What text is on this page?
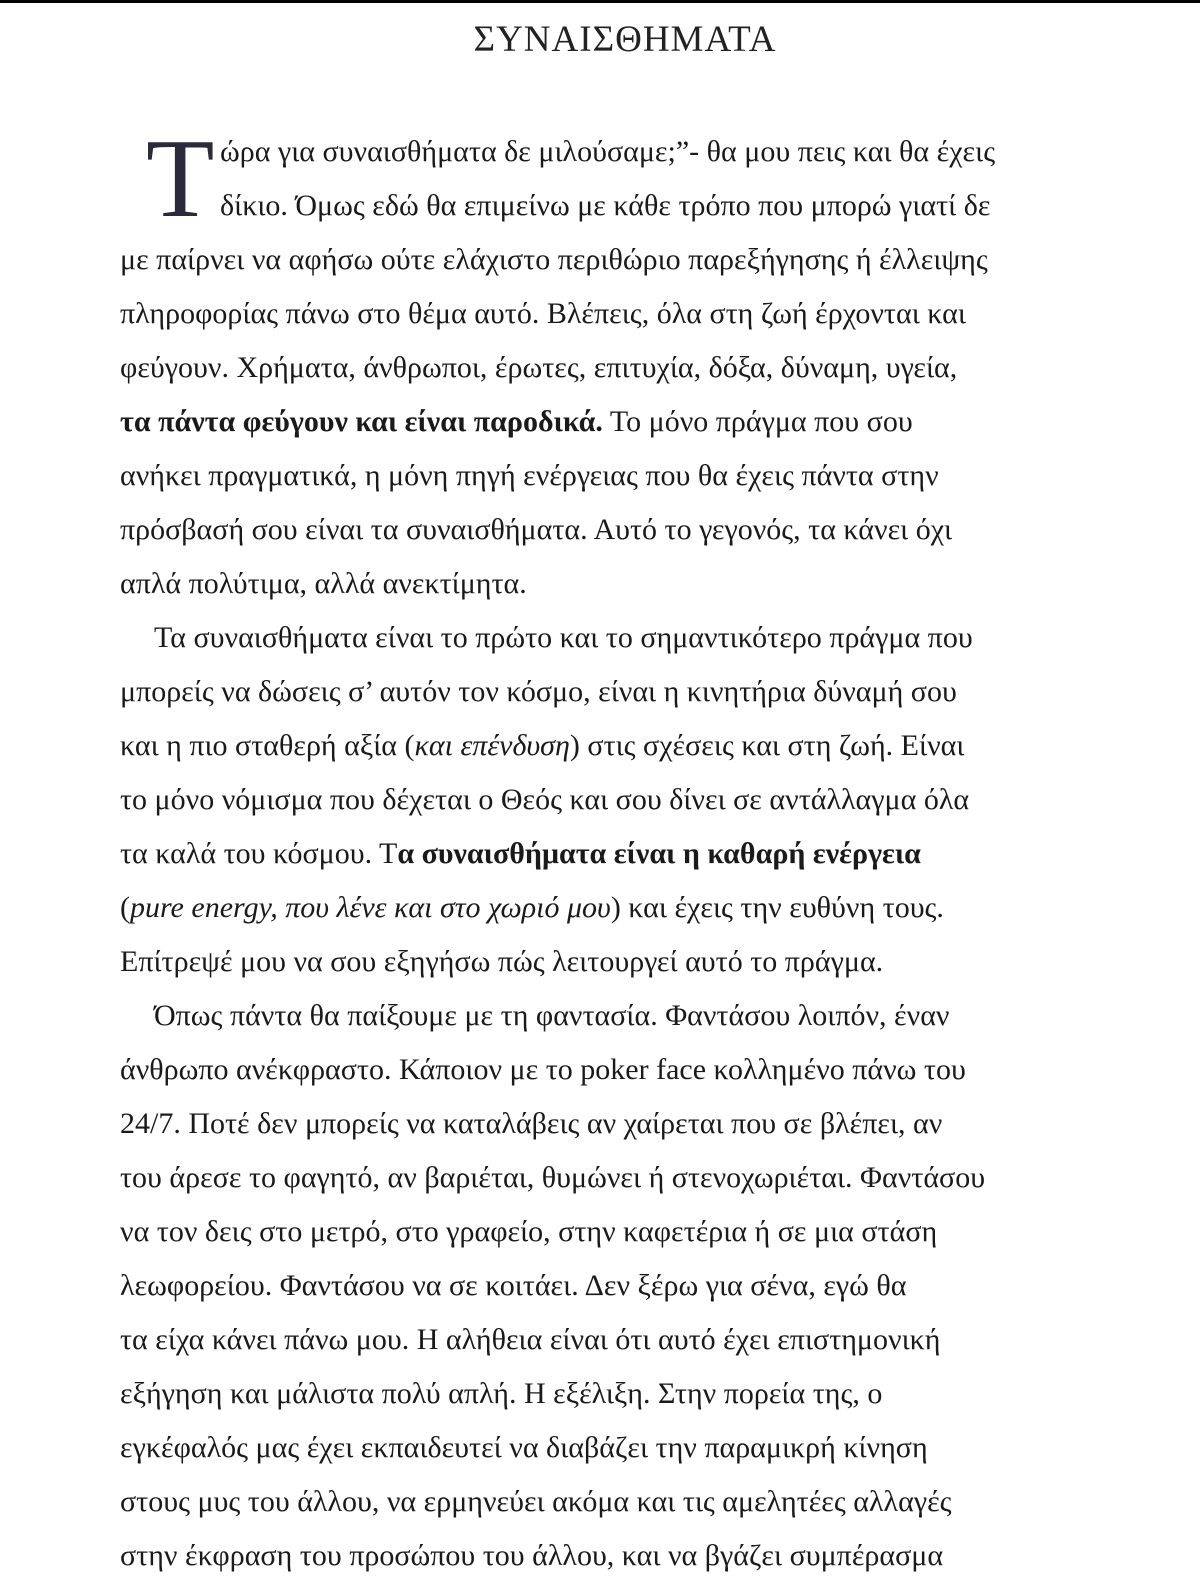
ΣΥΝΑΙΣΘΗΜΑΤΑ
Τ ώρα για συναισθήματα δε μιλούσαμε;”- θα μου πεις και θα έχεις
δίκιο. Όμως εδώ θα επιμείνω με κάθε τρόπο που μπορώ γιατί δε
με παίρνει να αφήσω ούτε ελάχιστο περιθώριο παρεξήγησης ή έλλειψης
πληροφορίας πάνω στο θέμα αυτό. Βλέπεις, όλα στη ζωή έρχονται και
φεύγουν. Χρήματα, άνθρωποι, έρωτες, επιτυχία, δόξα, δύναμη, υγεία,
τα πάντα φεύγουν και είναι παροδικά. Το μόνο πράγμα που σου
ανήκει πραγματικά, η μόνη πηγή ενέργειας που θα έχεις πάντα στην
πρόσβασή σου είναι τα συναισθήματα. Αυτό το γεγονός, τα κάνει όχι
απλά πολύτιμα, αλλά ανεκτίμητα.
Τα συναισθήματα είναι το πρώτο και το σημαντικότερο πράγμα που
μπορείς να δώσεις σ’ αυτόν τον κόσμο, είναι η κινητήρια δύναμή σου
και η πιο σταθερή αξία (και επένδυση) στις σχέσεις και στη ζωή. Είναι
το μόνο νόμισμα που δέχεται ο Θεός και σου δίνει σε αντάλλαγμα όλα
τα καλά του κόσμου. Τα συναισθήματα είναι η καθαρή ενέργεια
(pure energy, που λένε και στο χωριό μου) και έχεις την ευθύνη τους.
Επίτρεψέ μου να σου εξηγήσω πώς λειτουργεί αυτό το πράγμα.
Όπως πάντα θα παίξουμε με τη φαντασία. Φαντάσου λοιπόν, έναν
άνθρωπο ανέκφραστο. Κάποιον με το poker face κολλημένο πάνω του
24/7. Ποτέ δεν μπορείς να καταλάβεις αν χαίρεται που σε βλέπει, αν
του άρεσε το φαγητό, αν βαριέται, θυμώνει ή στενοχωριέται. Φαντάσου
να τον δεις στο μετρό, στο γραφείο, στην καφετέρια ή σε μια στάση
λεωφορείου. Φαντάσου να σε κοιτάει. Δεν ξέρω για σένα, εγώ θα
τα είχα κάνει πάνω μου. Η αλήθεια είναι ότι αυτό έχει επιστημονική
εξήγηση και μάλιστα πολύ απλή. Η εξέλιξη. Στην πορεία της, ο
εγκέφαλός μας έχει εκπαιδευτεί να διαβάζει την παραμικρή κίνηση
στους μυς του άλλου, να ερμηνεύει ακόμα και τις αμελητέες αλλαγές
στην έκφραση του προσώπου του άλλου, και να βγάζει συμπέρασμα
